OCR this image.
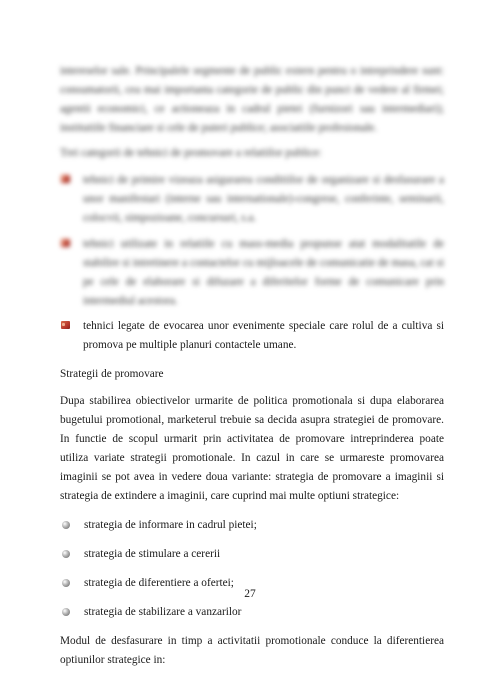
intereselor sale. Principalele segmente de public extern pentru o intreprindere sunt: consumatorii, cea mai importanta categorie de public din punct de vedere al firmei; agentii economici, ce actioneaza in cadrul pietei (furnizori sau intermediari); institutiile financiare si cele de puteri publice; asociatiile profesionale.

Trei categorii de tehnici de promovare a relatiilor publice:

tehnici de primire vizeaza asigurarea conditiilor de organizare si desfasurare a unor manifestari (interne sau internationale)-congrese, conferinte, seminarii, colocvii, simpozioane, concursuri, s.a.
tehnici utilizate in relatiile cu mass-media propunse atat modalitatile de stabilire si intretinere a contactelor cu mijloacele de comunicatie de masa, cat si pe cele de elaborare si difuzare a diferitelor forme de comunicare prin intermediul acestora.
tehnici legate de evocarea unor evenimente speciale care rolul de a cultiva si promova pe multiple planuri contactele umane.

Strategii de promovare

Dupa stabilirea obiectivelor urmarite de politica promotionala si dupa elaborarea bugetului promotional, marketerul trebuie sa decida asupra strategiei de promovare. In functie de scopul urmarit prin activitatea de promovare intreprinderea poate utiliza variate strategii promotionale. In cazul in care se urmareste promovarea imaginii se pot avea in vedere doua variante: strategia de promovare a imaginii si strategia de extindere a imaginii, care cuprind mai multe optiuni strategice:

strategia de informare in cadrul pietei;
strategia de stimulare a cererii
strategia de diferentiere a ofertei;
strategia de stabilizare a vanzarilor

Modul de desfasurare in timp a activitatii promotionale conduce la diferentierea optiunilor strategice in:

27
